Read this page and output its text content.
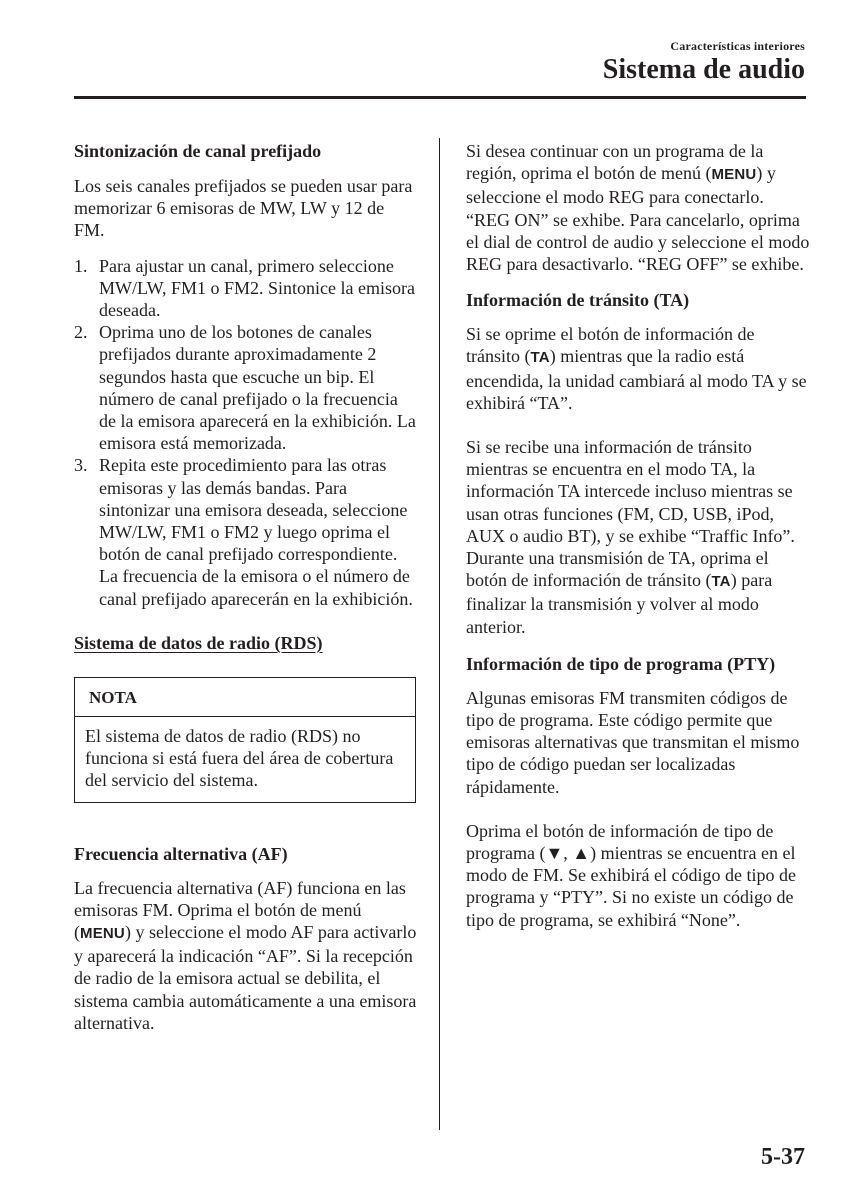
Características interiores
Sistema de audio
Sintonización de canal prefijado

Los seis canales prefijados se pueden usar para memorizar 6 emisoras de MW, LW y 12 de FM.

1. Para ajustar un canal, primero seleccione MW/LW, FM1 o FM2. Sintonice la emisora deseada.
2. Oprima uno de los botones de canales prefijados durante aproximadamente 2 segundos hasta que escuche un bip. El número de canal prefijado o la frecuencia de la emisora aparecerá en la exhibición. La emisora está memorizada.
3. Repita este procedimiento para las otras emisoras y las demás bandas. Para sintonizar una emisora deseada, seleccione MW/LW, FM1 o FM2 y luego oprima el botón de canal prefijado correspondiente. La frecuencia de la emisora o el número de canal prefijado aparecerán en la exhibición.
Sistema de datos de radio (RDS)
NOTA
El sistema de datos de radio (RDS) no funciona si está fuera del área de cobertura del servicio del sistema.
Frecuencia alternativa (AF)

La frecuencia alternativa (AF) funciona en las emisoras FM. Oprima el botón de menú (MENU) y seleccione el modo AF para activarlo y aparecerá la indicación “AF”. Si la recepción de radio de la emisora actual se debilita, el sistema cambia automáticamente a una emisora alternativa.

Si desea continuar con un programa de la región, oprima el botón de menú (MENU) y seleccione el modo REG para conectarlo. “REG ON” se exhibe. Para cancelarlo, oprima el dial de control de audio y seleccione el modo REG para desactivarlo. “REG OFF” se exhibe.

Información de tránsito (TA)

Si se oprime el botón de información de tránsito (TA) mientras que la radio está encendida, la unidad cambiará al modo TA y se exhibirá “TA”.

Si se recibe una información de tránsito mientras se encuentra en el modo TA, la información TA intercede incluso mientras se usan otras funciones (FM, CD, USB, iPod, AUX o audio BT), y se exhibe “Traffic Info”.

Durante una transmisión de TA, oprima el botón de información de tránsito (TA) para finalizar la transmisión y volver al modo anterior.

Información de tipo de programa (PTY)

Algunas emisoras FM transmiten códigos de tipo de programa. Este código permite que emisoras alternativas que transmitan el mismo tipo de código puedan ser localizadas rápidamente.

Oprima el botón de información de tipo de programa (▼, ▲) mientras se encuentra en el modo de FM. Se exhibirá el código de tipo de programa y “PTY”. Si no existe un código de tipo de programa, se exhibirá “None”.

5-37
